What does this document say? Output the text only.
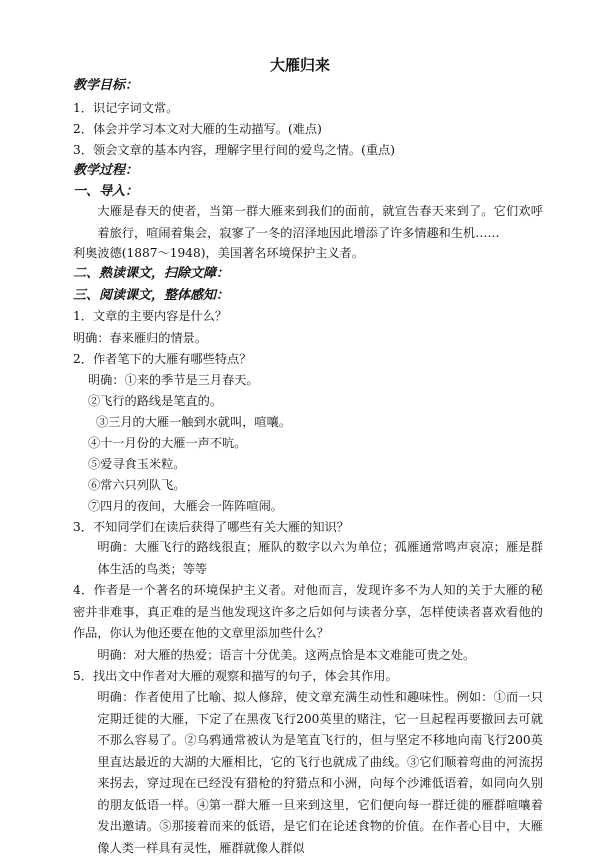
大雁归来
教学目标：
1．识记字词文常。
2．体会并学习本文对大雁的生动描写。(难点)
3．领会文章的基本内容，理解字里行间的爱鸟之情。(重点)
教学过程：
一、导入：
大雁是春天的使者，当第一群大雁来到我们的面前，就宣告春天来到了。它们欢呼着旅行，喧闹着集会，寂寥了一冬的沼泽地因此增添了许多情趣和生机……
利奥波德(1887～1948)，美国著名环境保护主义者。
二、熟读课文，扫除文障：
三、阅读课文，整体感知：
1．文章的主要内容是什么？
明确：春来雁归的情景。
2．作者笔下的大雁有哪些特点？
明确：①来的季节是三月春天。
②飞行的路线是笔直的。
③三月的大雁一触到水就叫，喧嚷。
④十一月份的大雁一声不吭。
⑤爱寻食玉米粒。
⑥常六只列队飞。
⑦四月的夜间，大雁会一阵阵喧闹。
3．不知同学们在读后获得了哪些有关大雁的知识？
明确：大雁飞行的路线很直；雁队的数字以六为单位；孤雁通常鸣声哀凉；雁是群体生活的鸟类；等等
4．作者是一个著名的环境保护主义者。对他而言，发现许多不为人知的关于大雁的秘密并非难事，真正难的是当他发现这许多之后如何与读者分享，怎样使读者喜欢看他的作品，你认为他还要在他的文章里添加些什么？
明确：对大雁的热爱；语言十分优美。这两点恰是本文难能可贵之处。
5．找出文中作者对大雁的观察和描写的句子，体会其作用。
明确：作者使用了比喻、拟人修辞，使文章充满生动性和趣味性。例如：①而一只定期迁徙的大雁，下定了在黑夜飞行200英里的赌注，它一旦起程再要撤回去可就不那么容易了。②乌鸦通常被认为是笔直飞行的，但与坚定不移地向南飞行200英里直达最近的大湖的大雁相比，它的飞行也就成了曲线。③它们顺着弯曲的河流拐来拐去，穿过现在已经没有猎枪的狩猎点和小洲，向每个沙滩低语着，如同向久别的朋友低语一样。④第一群大雁一旦来到这里，它们便向每一群迁徙的雁群喧嚷着发出邀请。⑤那接着而来的低语，是它们在论述食物的价值。在作者心目中，大雁像人类一样具有灵性，雁群就像人群似
